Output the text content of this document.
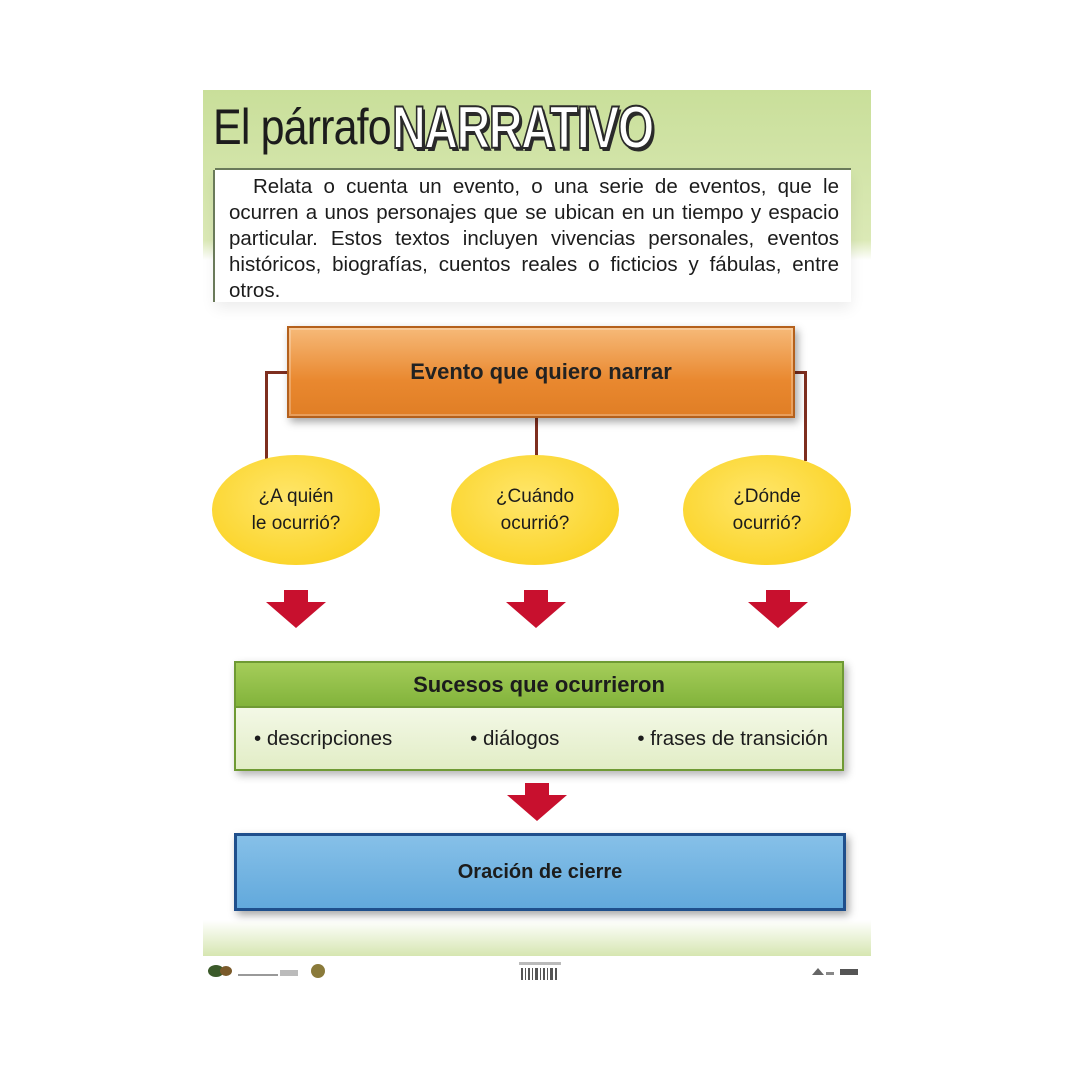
El párrafo NARRATIVO

Relata o cuenta un evento, o una serie de eventos, que le ocurren a unos personajes que se ubican en un tiempo y espacio particular. Estos textos incluyen vivencias personales, eventos históricos, biografías, cuentos reales o ficticios y fábulas, entre otros.

Evento que quiero narrar
¿A quién
le ocurrió?
¿Cuándo
ocurrió?
¿Dónde
ocurrió?
Sucesos que ocurrieron
• descripciones	• diálogos	• frases de transición
Oración de cierre
